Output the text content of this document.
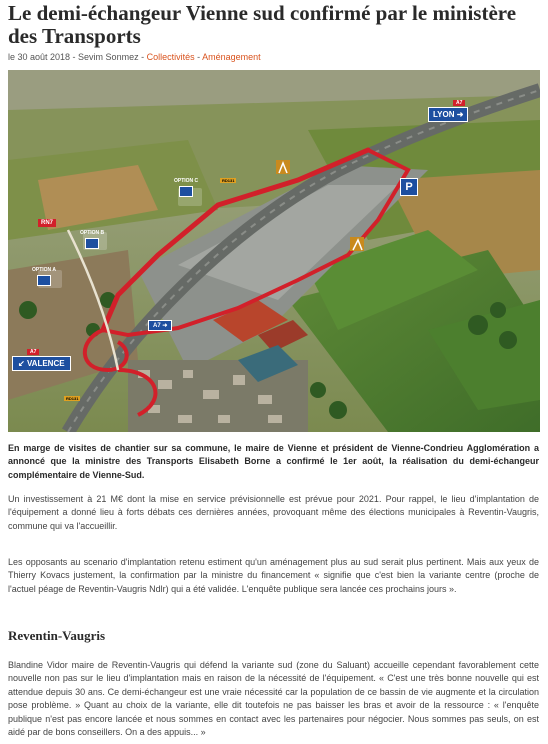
Le demi-échangeur Vienne sud confirmé par le ministère des Transports
le 30 août 2018 - Sevim Sonmez - Collectivités - Aménagement
A7
LYON ➜
A7
↙ VALENCE
RN7
A7 ➜
P
OPTION C
OPTION B
OPTION A
RD131
RD131

En marge de visites de chantier sur sa commune, le maire de Vienne et président de Vienne-Condrieu Agglomération a annoncé que la ministre des Transports Elisabeth Borne a confirmé le 1er août, la réalisation du demi-échangeur complémentaire de Vienne-Sud.

Un investissement à 21 M€ dont la mise en service prévisionnelle est prévue pour 2021. Pour rappel, le lieu d'implantation de l'équipement a donné lieu à forts débats ces dernières années, provoquant même des élections municipales à Reventin-Vaugris, commune qui va l'accueillir.

Les opposants au scenario d'implantation retenu estiment qu'un aménagement plus au sud serait plus pertinent. Mais aux yeux de Thierry Kovacs justement, la confirmation par la ministre du financement « signifie que c'est bien la variante centre (proche de l'actuel péage de Reventin-Vaugris Ndlr) qui a été validée. L'enquête publique sera lancée ces prochains jours ».

Reventin-Vaugris

Blandine Vidor maire de Reventin-Vaugris qui défend la variante sud (zone du Saluant) accueille cependant favorablement cette nouvelle non pas sur le lieu d'implantation mais en raison de la nécessité de l'équipement. « C'est une très bonne nouvelle qui est attendue depuis 30 ans. Ce demi-échangeur est une vraie nécessité car la population de ce bassin de vie augmente et la circulation pose problème. » Quant au choix de la variante, elle dit toutefois ne pas baisser les bras et avoir de la ressource : « l'enquête publique n'est pas encore lancée et nous sommes en contact avec les partenaires pour négocier. Nous sommes pas seuls, on est aidé par de bons conseillers. On a des appuis... »
